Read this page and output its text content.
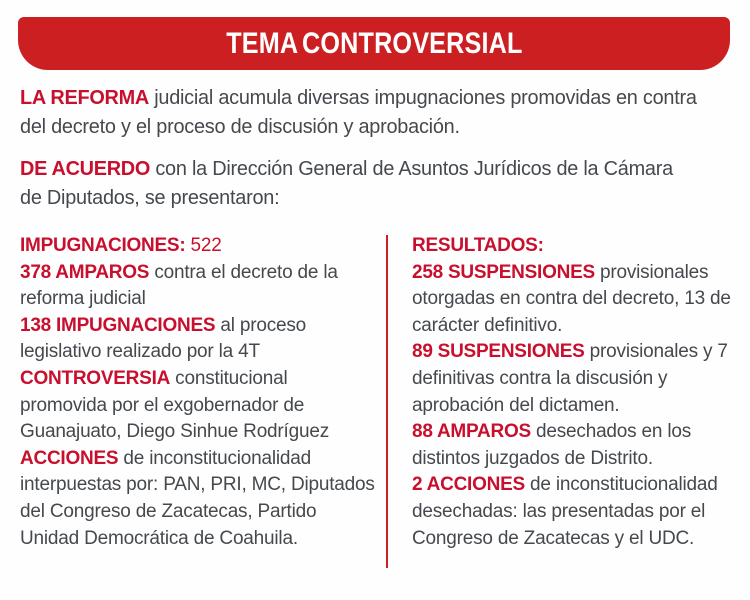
TEMA CONTROVERSIAL

LA REFORMA judicial acumula diversas impugnaciones promovidas en contra del decreto y el proceso de discusión y aprobación.

DE ACUERDO con la Dirección General de Asuntos Jurídicos de la Cámara de Diputados, se presentaron:

IMPUGNACIONES: 522

378 AMPAROS contra el decreto de la reforma judicial

138 IMPUGNACIONES al proceso legislativo realizado por la 4T

CONTROVERSIA constitucional promovida por el exgobernador de Guanajuato, Diego Sinhue Rodríguez

ACCIONES de inconstitucionalidad interpuestas por: PAN, PRI, MC, Diputados del Congreso de Zacatecas, Partido Unidad Democrática de Coahuila.

RESULTADOS:

258 SUSPENSIONES provisionales otorgadas en contra del decreto, 13 de carácter definitivo.

89 SUSPENSIONES provisionales y 7 definitivas contra la discusión y aprobación del dictamen.

88 AMPAROS desechados en los distintos juzgados de Distrito.

2 ACCIONES de inconstitucionalidad desechadas: las presentadas por el Congreso de Zacatecas y el UDC.
